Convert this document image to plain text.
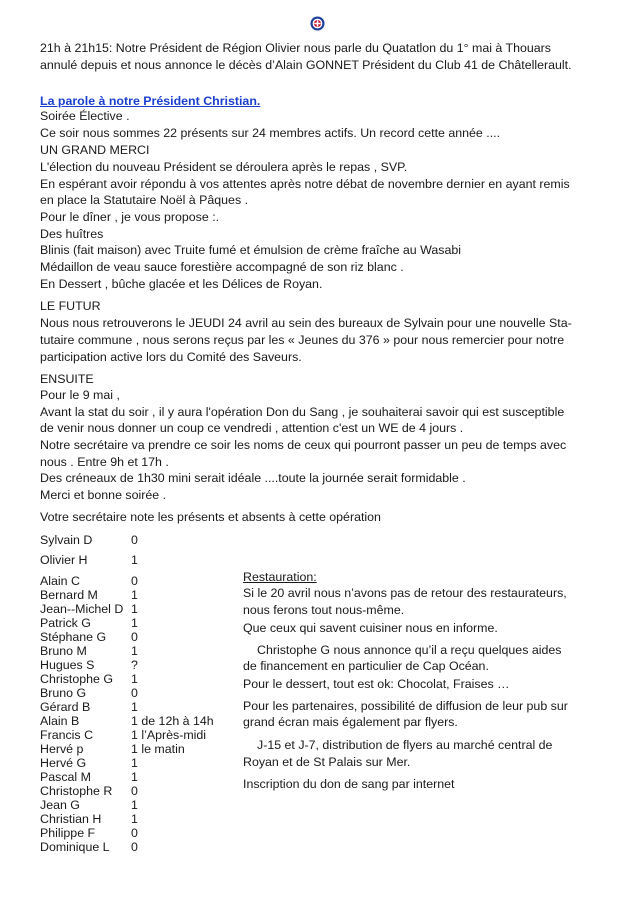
21h à 21h15: Notre Président de Région Olivier nous parle du Quatatlon du 1° mai à Thouars

annulé depuis et nous annonce le décès d’Alain GONNET Président du Club 41 de Châtellerault.

La parole à notre Président Christian.

Soirée Élective .

Ce soir nous sommes 22 présents sur 24 membres actifs. Un record cette année ....

UN GRAND MERCI

L'élection du nouveau Président se déroulera après le repas , SVP.

En espérant avoir répondu à vos attentes après notre débat de novembre dernier en ayant remis

en place la Statutaire Noël à Pâques .

Pour le dîner , je vous propose :.

Des huîtres

Blinis (fait maison) avec Truite fumé et émulsion de crème fraîche au Wasabi

Médaillon de veau sauce forestière accompagné de son riz blanc .

En Dessert , bûche glacée et les Délices de Royan.

LE FUTUR

Nous nous retrouverons le JEUDI 24 avril au sein des bureaux de Sylvain pour une nouvelle Sta-

tutaire commune , nous serons reçus par les « Jeunes du 376 » pour nous remercier pour notre

participation active lors du Comité des Saveurs.

ENSUITE

Pour le 9 mai ,

Avant la stat du soir , il y aura l'opération Don du Sang , je souhaiterai savoir qui est susceptible

de venir nous donner un coup ce vendredi , attention c'est un WE de 4 jours .

Notre secrétaire va prendre ce soir les noms de ceux qui pourront passer un peu de temps avec

nous . Entre 9h et 17h .

Des créneaux de 1h30 mini serait idéale ....toute la journée serait formidable .

Merci et bonne soirée .

Votre secrétaire note les présents et absents à cette opération

Sylvain D	0
Olivier H	1
Alain C	0
Bernard M	1
Jean--Michel D 1
Patrick G	1
Stéphane G 0
Bruno M	1
Hugues S	?
Christophe G 1
Bruno G	0
Gérard B	1
Alain B	1 de 12h à 14h
Francis C	1 l’Après-midi
Hervé p	1 le matin
Hervé G	1
Pascal M	1
Christophe R 0
Jean G	1
Christian H 1
Philippe F	0
Dominique L 0

Restauration:

Si le 20 avril nous n’avons pas de retour des restaurateurs,

nous ferons tout nous-même.

Que ceux qui savent cuisiner nous en informe.

Christophe G nous annonce qu’il a reçu quelques aides

de financement en particulier de Cap Océan.

Pour le dessert, tout est ok: Chocolat, Fraises …

Pour les partenaires, possibilité de diffusion de leur pub sur

grand écran mais également par flyers.

J-15 et J-7, distribution de flyers au marché central de

Royan et de St Palais sur Mer.

Inscription du don de sang par internet
